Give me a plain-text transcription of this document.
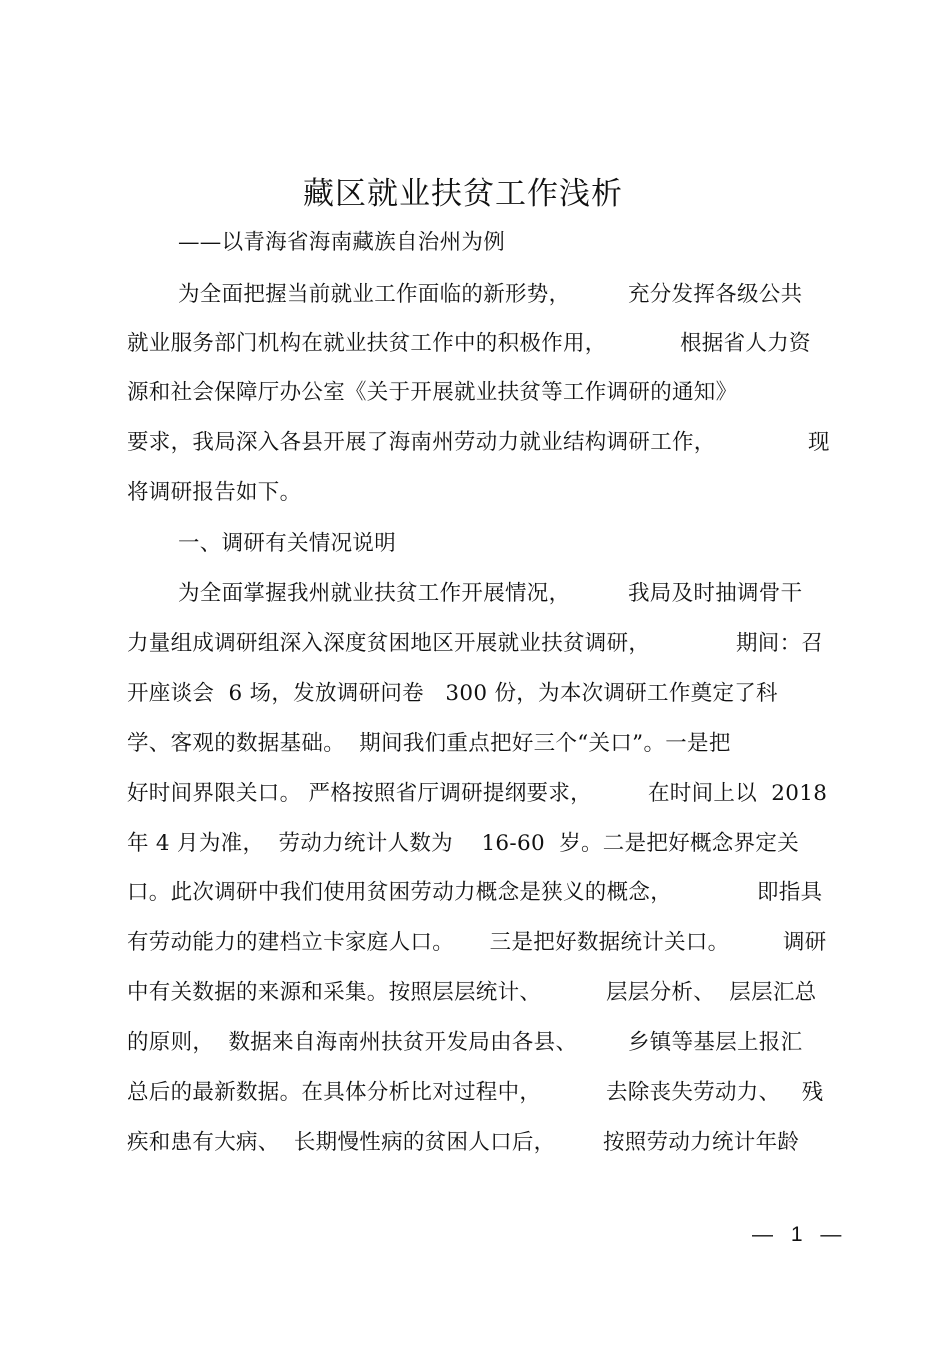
藏区就业扶贫工作浅析
——以青海省海南藏族自治州为例
为全面把握当前就业工作面临的新形势，	充分发挥各级公共
就业服务部门机构在就业扶贫工作中的积极作用，	根据省人力资
源和社会保障厅办公室《关于开展就业扶贫等工作调研的通知》
要求，我局深入各县开展了海南州劳动力就业结构调研工作，	现
将调研报告如下。
一、调研有关情况说明
为全面掌握我州就业扶贫工作开展情况，	我局及时抽调骨干
力量组成调研组深入深度贫困地区开展就业扶贫调研，	期间：召
开座谈会  6 场，发放调研问卷   300 份，为本次调研工作奠定了科
学、客观的数据基础。  期间我们重点把好三个“关口”。一是把
好时间界限关口。 严格按照省厅调研提纲要求，	在时间上以  2018
年 4 月为准，  劳动力统计人数为    16-60  岁。二是把好概念界定关
口。此次调研中我们使用贫困劳动力概念是狭义的概念，	即指具
有劳动能力的建档立卡家庭人口。     三是把好数据统计关口。 调研
中有关数据的来源和采集。按照层层统计、	层层分析、  层层汇总
的原则，  数据来自海南州扶贫开发局由各县、 乡镇等基层上报汇
总后的最新数据。在具体分析比对过程中，	去除丧失劳动力、   残
疾和患有大病、  长期慢性病的贫困人口后， 按照劳动力统计年龄
— 1 —
